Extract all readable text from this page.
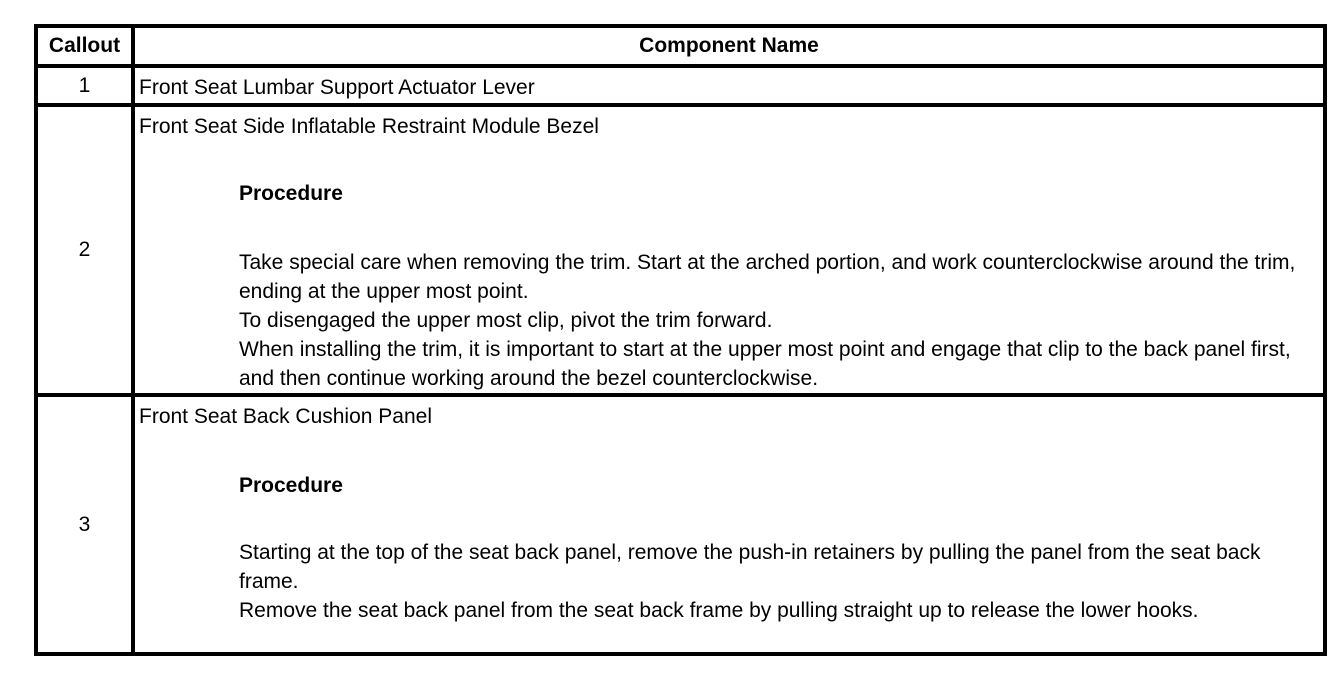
Callout	Component Name
1	Front Seat Lumbar Support Actuator Lever

2	Front Seat Side Inflatable Restraint Module Bezel
Procedure
Take special care when removing the trim. Start at the arched portion, and work counterclockwise around the trim, ending at the upper most point.
To disengaged the upper most clip, pivot the trim forward.
When installing the trim, it is important to start at the upper most point and engage that clip to the back panel first, and then continue working around the bezel counterclockwise.

3	Front Seat Back Cushion Panel
Procedure
Starting at the top of the seat back panel, remove the push-in retainers by pulling the panel from the seat back frame.
Remove the seat back panel from the seat back frame by pulling straight up to release the lower hooks.
